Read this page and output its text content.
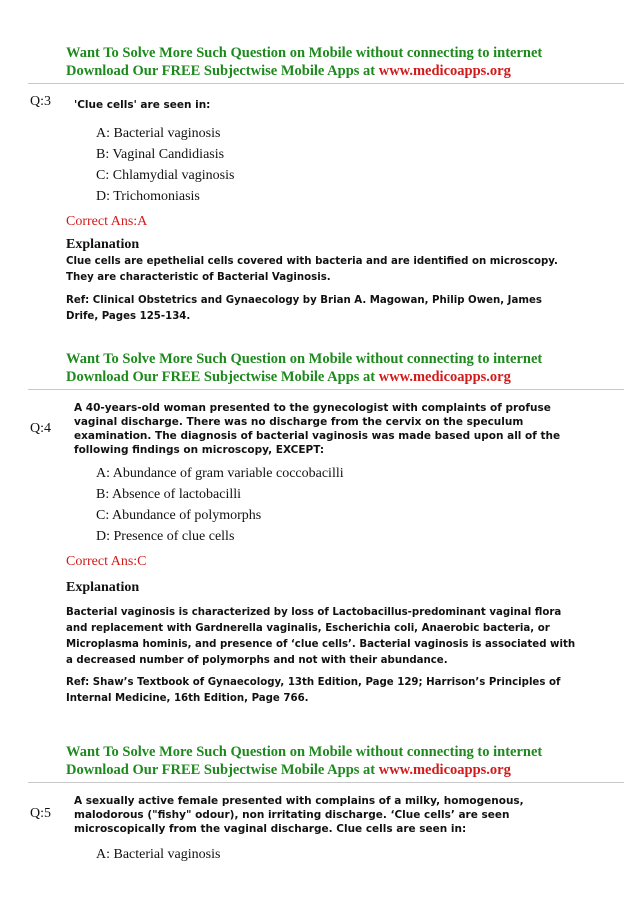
Want To Solve More Such Question on Mobile without connecting to internet
Download Our FREE Subjectwise Mobile Apps at www.medicoapps.org
Q:3 'Clue cells' are seen in:
A: Bacterial vaginosis
B: Vaginal Candidiasis
C: Chlamydial vaginosis
D: Trichomoniasis
Correct Ans:A
Explanation
Clue cells are epethelial cells covered with bacteria and are identified on microscopy. They are characteristic of Bacterial Vaginosis.
Ref: Clinical Obstetrics and Gynaecology by Brian A. Magowan, Philip Owen, James Drife, Pages 125-134.
Want To Solve More Such Question on Mobile without connecting to internet
Download Our FREE Subjectwise Mobile Apps at www.medicoapps.org
Q:4
A 40-years-old woman presented to the gynecologist with complaints of profuse vaginal discharge. There was no discharge from the cervix on the speculum examination. The diagnosis of bacterial vaginosis was made based upon all of the following findings on microscopy, EXCEPT:
A: Abundance of gram variable coccobacilli
B: Absence of lactobacilli
C: Abundance of polymorphs
D: Presence of clue cells
Correct Ans:C
Explanation
Bacterial vaginosis is characterized by loss of Lactobacillus-predominant vaginal flora and replacement with Gardnerella vaginalis, Escherichia coli, Anaerobic bacteria, or Microplasma hominis, and presence of ‘clue cells’. Bacterial vaginosis is associated with a decreased number of polymorphs and not with their abundance.
Ref: Shaw’s Textbook of Gynaecology, 13th Edition, Page 129; Harrison’s Principles of Internal Medicine, 16th Edition, Page 766.
Want To Solve More Such Question on Mobile without connecting to internet
Download Our FREE Subjectwise Mobile Apps at www.medicoapps.org
Q:5
A sexually active female presented with complains of a milky, homogenous, malodorous ("fishy" odour), non irritating discharge. ‘Clue cells’ are seen microscopically from the vaginal discharge. Clue cells are seen in:
A: Bacterial vaginosis
